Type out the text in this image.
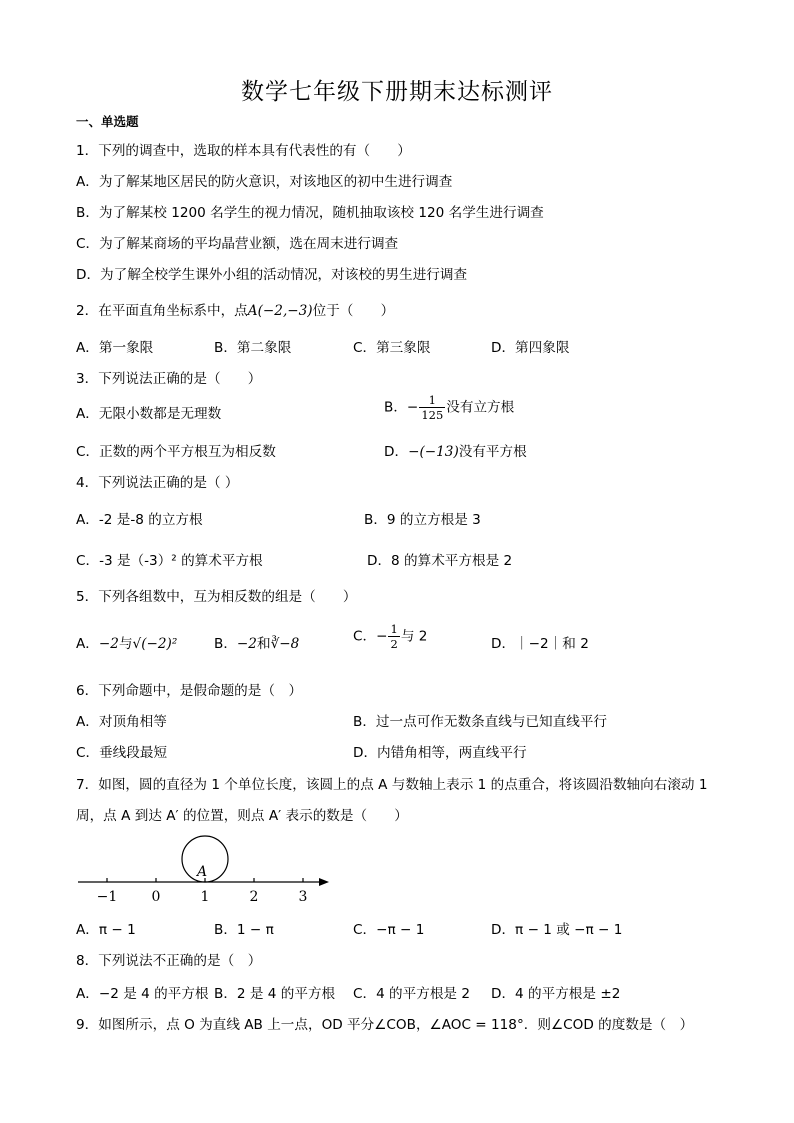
数学七年级下册期末达标测评
一、单选题
1．下列的调查中，选取的样本具有代表性的有（　　）
A．为了解某地区居民的防火意识，对该地区的初中生进行调查
B．为了解某校 1200 名学生的视力情况，随机抽取该校 120 名学生进行调查
C．为了解某商场的平均晶营业额，选在周末进行调查
D．为了解全校学生课外小组的活动情况，对该校的男生进行调查
2．在平面直角坐标系中，点A(−2,−3)位于（　　）
A．第一象限	B．第二象限	C．第三象限	D．第四象限
3．下列说法正确的是（　　）
A．无限小数都是无理数	B．− $\frac{1}{125}$ 没有立方根
C．正数的两个平方根互为相反数	D．−(−13)没有平方根
4．下列说法正确的是（ ）
A．-2 是-8 的立方根	B．9 的立方根是 3
C．-3 是（-3）² 的算术平方根	D．8 的算术平方根是 2
5．下列各组数中，互为相反数的组是（　　）
A．−2与√(−2)²	B．−2和∛−8	C．− $\frac{1}{2}$ 与 2	D．｜−2｜和 2
6．下列命题中，是假命题的是（　）
A．对顶角相等	B．过一点可作无数条直线与已知直线平行
C．垂线段最短	D．内错角相等，两直线平行
7．如图，圆的直径为 1 个单位长度，该圆上的点 A 与数轴上表示 1 的点重合，将该圆沿数轴向右滚动 1
周，点 A 到达 A′ 的位置，则点 A′ 表示的数是（　　）
A
−1 0	1	2	3
A．π − 1	B．1 − π	C．−π − 1	D．π − 1 或 −π − 1
8．下列说法不正确的是（　）
A．−2 是 4 的平方根 B．2 是 4 的平方根 C．4 的平方根是 2 D．4 的平方根是 ±2
9．如图所示，点 O 为直线 AB 上一点，OD 平分∠COB，∠AOC = 118°．则∠COD 的度数是（　）
